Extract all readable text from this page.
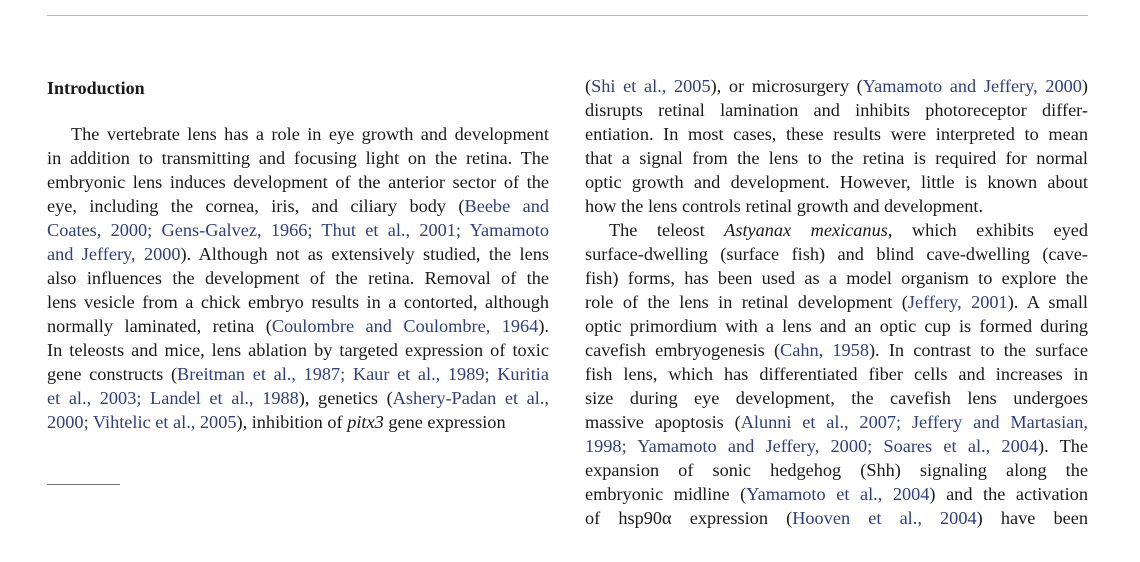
Introduction
The vertebrate lens has a role in eye growth and development
in addition to transmitting and focusing light on the retina. The
embryonic lens induces development of the anterior sector of the
eye, including the cornea, iris, and ciliary body (Beebe and
Coates, 2000; Gens-Galvez, 1966; Thut et al., 2001; Yamamoto
and Jeffery, 2000). Although not as extensively studied, the lens
also influences the development of the retina. Removal of the
lens vesicle from a chick embryo results in a contorted, although
normally laminated, retina (Coulombre and Coulombre, 1964).
In teleosts and mice, lens ablation by targeted expression of toxic
gene constructs (Breitman et al., 1987; Kaur et al., 1989; Kuritia
et al., 2003; Landel et al., 1988), genetics (Ashery-Padan et al.,
2000; Vihtelic et al., 2005), inhibition of pitx3 gene expression
(Shi et al., 2005), or microsurgery (Yamamoto and Jeffery, 2000)
disrupts retinal lamination and inhibits photoreceptor differ-
entiation. In most cases, these results were interpreted to mean
that a signal from the lens to the retina is required for normal
optic growth and development. However, little is known about
how the lens controls retinal growth and development.
The teleost Astyanax mexicanus, which exhibits eyed
surface-dwelling (surface fish) and blind cave-dwelling (cave-
fish) forms, has been used as a model organism to explore the
role of the lens in retinal development (Jeffery, 2001). A small
optic primordium with a lens and an optic cup is formed during
cavefish embryogenesis (Cahn, 1958). In contrast to the surface
fish lens, which has differentiated fiber cells and increases in
size during eye development, the cavefish lens undergoes
massive apoptosis (Alunni et al., 2007; Jeffery and Martasian,
1998; Yamamoto and Jeffery, 2000; Soares et al., 2004). The
expansion of sonic hedgehog (Shh) signaling along the
embryonic midline (Yamamoto et al., 2004) and the activation
of hsp90α expression (Hooven et al., 2004) have been
